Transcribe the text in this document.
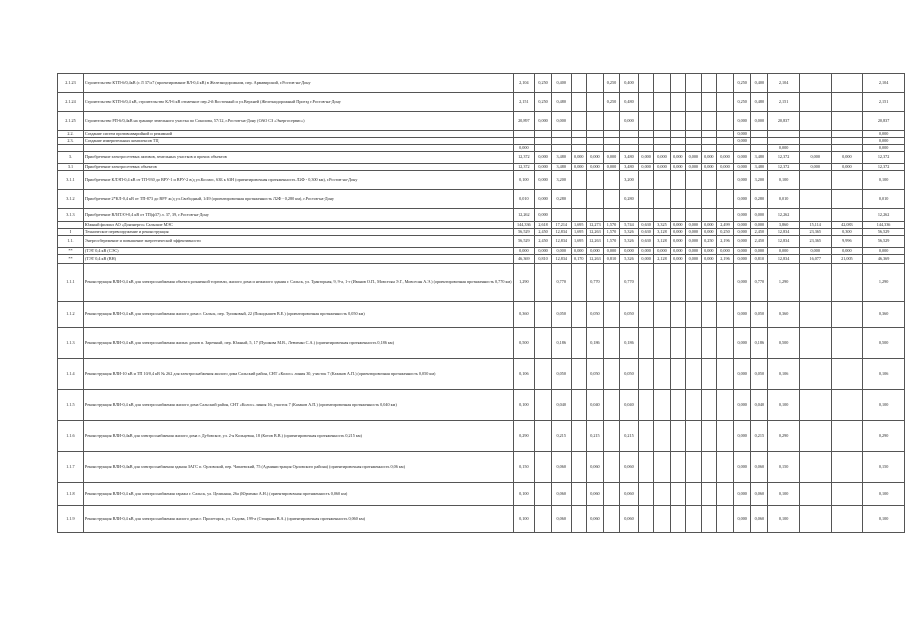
2.1.23	Строительство КТП-6/0,4кВ (с Л 37/л7 (проектирование ВЛ-0,4 кВ) в Железнодорожном, пер. Армавирский, г.Ростов-на-Дону	2,104	0,250	0,400			0,250	0,400							0,250	0,400	2,104			2,104
2.1.24	Строительство КТП-6/0,4 кВ, строительство КЛ-6 кВ отпаечное пер.2-й Восточный и ул.Верхней (Железнодорожный Проезд г.Ростов-на-Дону	2,151	0,250	0,480			0,250	0,480							0,250	0,480	2,151			2,151
2.1.25	Строительство РП-6/0,4кВ на границе земельного участка по Соколова, 57/12, г.Ростов-на-Дону (ОАО СЗ «Энергосервис»)	20,897	0,000	0,000				0,000							0,000	0,000	20,837			20,837
2.2.	Создание систем противоаварийной и режимной														0,000					0,000
2.3.	Создание измерительных комплексов ТЦ														0,000					0,000
		0,000															0,000			0,000
3.	Приобретение электросетевых активов, земельных участков и прочих объектов	12,372	0,000	3,480	0,000	0,000	0,000	3,480	0,000	0,000	0,000	0,000	0,000	0,000	0,000	3,480	12,372	0,000	0,000	12,372
3.1	Приобретение электросетевых объектов	12,372	0,000	3,480	0,000	0,000	0,000	3,480	0,000	0,000	0,000	0,000	0,000	0,000	0,000	3,480	12,372	0,000	0,000	12,372
3.1.1	Приобретение КЛЭП-0,4 кВ от ТП-930 до ВРУ-1 и ВРУ-2 в/д ул.Космос, 63Б к 63Н (ориентировочная протяженность Л2Ф - 0,300 км), г.Ростов-на-Дону	0,100	0,000	3,200				3,200							0,000	3,200	0,100			0,100
3.1.2	Приобретение 2*КЛ-0,4 кВ от ТП-873 до ВРУ ж/д ул.Свободный, 1/49 (ориентировочная протяженность Л2Ф - 0,280 км), г.Ростов-на-Дону	0,010	0,000	0,280				0,280							0,000	0,280	0,010			0,010
3.1.3	Приобретение ВЛ/ПЭЭ-0,4 кВ от ТП(ф37) л. 37, 39, г.Ростов-на-Дону	12,262	0,000												0,000	0,000	12,262			12,262
	Южный филиал АО «Донэнерго» Сальские МЭС	144,336	2,618	17,214	1,695	12,273	1,570	5,744	0,630	3,325	0,000	0,000	0,000	2,499	0,000	0,000	3,860	15,114	42,083	144,336
I	Техническое перевооружение и реконструкция	56,529	2,450	12,834	1,695	12,263	1,570	5,326	0,630	3,128	0,000	0,000	0,000	0,250	0,000	2,450	12,834	23,365	0,300	56,529
1.1.	Энергосбережение и повышение энергетической эффективности	56,529	2,450	12,834	1,695	12,263	1,570	5,326	0,630	3,128	0,000	0,000	0,250	2,196	0,000	2,450	12,834	23,365	9,996	56,529
**	(ТЭТ 0,4 кВ (СЭС)	0,000	0,000	0,000	0,000	0,000	0,000	0,000	0,000	0,000	0,000	0,000	0,000	0,000	0,000	0,000	0,000	0,000	0,000	0,000
**	(ТЭТ 0,4 кВ (ВН)	46,369	0,810	12,834	0,170	12,263	0,810	5,326	0,000	2,128	0,000	0,000	0,000	2,196	0,000	0,810	12,834	16,077	21,005	46,369
1.1.1	Реконструкция ВЛИ-0,4 кВ для электроснабжения объекта розничной торговли, жилого дома и нежилого здания г. Сальск, ул. Тракторная, 9, 9-а, 1-г (Иванов О.П., Мовсесян Э.Г., Мовсесян А.Э.) (ориентировочная протяженность 0,770 км)	1,290		0,770		0,770		0,770							0,000	0,770	1,290			1,290
1.1.2	Реконструкция ВЛИ-0,4 кВ для электроснабжения жилого дома г. Сальск, пер. Тупиковый, 22 (Покидышев В.Е.) (ориентировочная протяженность 0,050 км)	0,360		0,050		0,050		0,050							0,000	0,050	0,360			0,360
1.1.3	Реконструкция ВЛИ-0,4 кВ для электроснабжения жилых домов п. Заречный, пер. Южный, 5, 17 (Пушкова М.В., Левченко С.А.) (ориентировочная протяженность 0,186 км)	0,500		0,186		0,186		0,186							0,000	0,186	0,500			0,500
1.1.4	Реконструкция ВЛИ-10 кВ и ТП 10/0,4 кВ № 262 для электроснабжения жилого дома Сальский район, СНТ «Колос» линия 30, участок 7 (Казаков А.П.) (ориентировочная протяженность 0,050 км)	0,106		0,050		0,050		0,050							0,000	0,050	0,106			0,106
1.1.5	Реконструкция ВЛИ-0,4 кВ для электроснабжения жилого дома Сальский район, СНТ «Колос» линия 16, участок 7 (Казаков А.П.) (ориентировочная протяженность 0,040 км)	0,100		0,040		0,040		0,040							0,000	0,040	0,100			0,100
1.1.6	Реконструкция ВЛИ-0,4кВ для электроснабжения жилого дома г. Дубовское, ул. 2-я Кольцевая, 18 (Котов В.В.) (ориентировочная протяженность 0,215 км)	0,290		0,215		0,215		0,215							0,000	0,215	0,290			0,290
1.1.7	Реконструкция ВЛИ-0,4кВ для электроснабжения здания ЗАГС п. Орловский, пер. Чапаевский, 75 (Администрация Орловского района) (ориентировочная протяженность 0,06 км)	0,150		0,060		0,060		0,060							0,000	0,060	0,150			0,150
1.1.8	Реконструкция ВЛИ-0,4 кВ для электроснабжения гаража г. Сальск, ул. Целинная, 26а (Юрченко А.Н.) (ориентировочная протяженность 0,060 км)	0,100		0,060		0,060		0,060							0,000	0,060	0,100			0,100
1.1.9	Реконструкция ВЛИ-0,4 кВ для электроснабжения жилого дома г. Пролетарск, ул. Садова, 199-а (Стояркин В.А.) (ориентировочная протяженность 0,060 км)	0,100		0,060		0,060		0,060							0,000	0,060	0,100			0,100
